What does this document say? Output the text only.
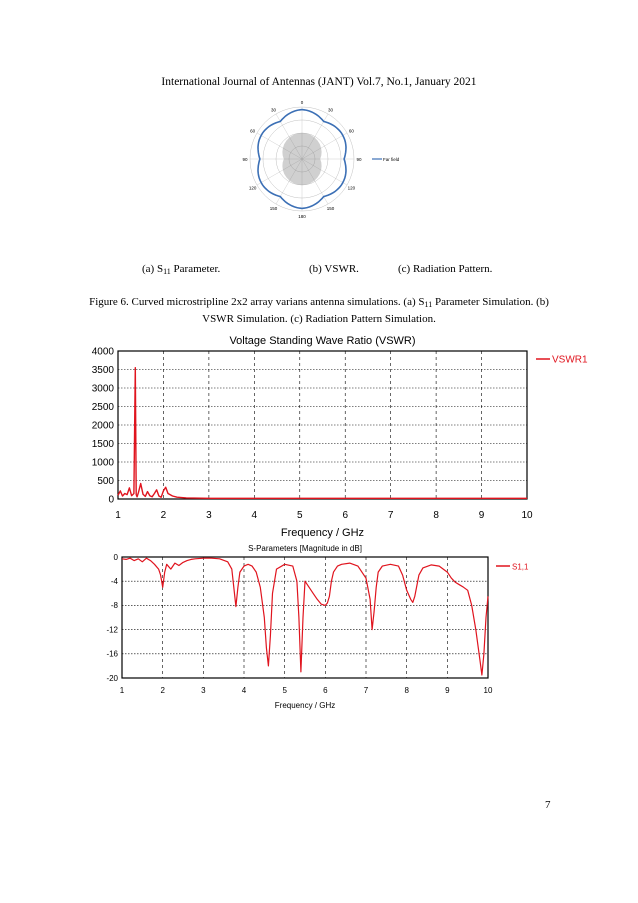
International Journal of Antennas (JANT) Vol.7, No.1, January 2021
0
30
60
90
120
150
180
150
120
90
60
30
Far field
(a) $S_{11}$ Parameter.	(b) VSWR.	(c) Radiation Pattern.
Figure 6. Curved microstripline 2x2 array varians antenna simulations. (a) $S_{11}$ Parameter Simulation. (b)
VSWR Simulation. (c) Radiation Pattern Simulation.
Voltage Standing Wave Ratio (VSWR)
1	2	3	4	5	6	7	8	9	10
0
500
1000
1500
2000
2500
3000
3500
4000
Frequency / GHz
VSWR1
S-Parameters [Magnitude in dB]
1	2	3	4	5	6	7	8	9	10
0
-4
-8
-12
-16
-20
Frequency / GHz
S1,1
7
